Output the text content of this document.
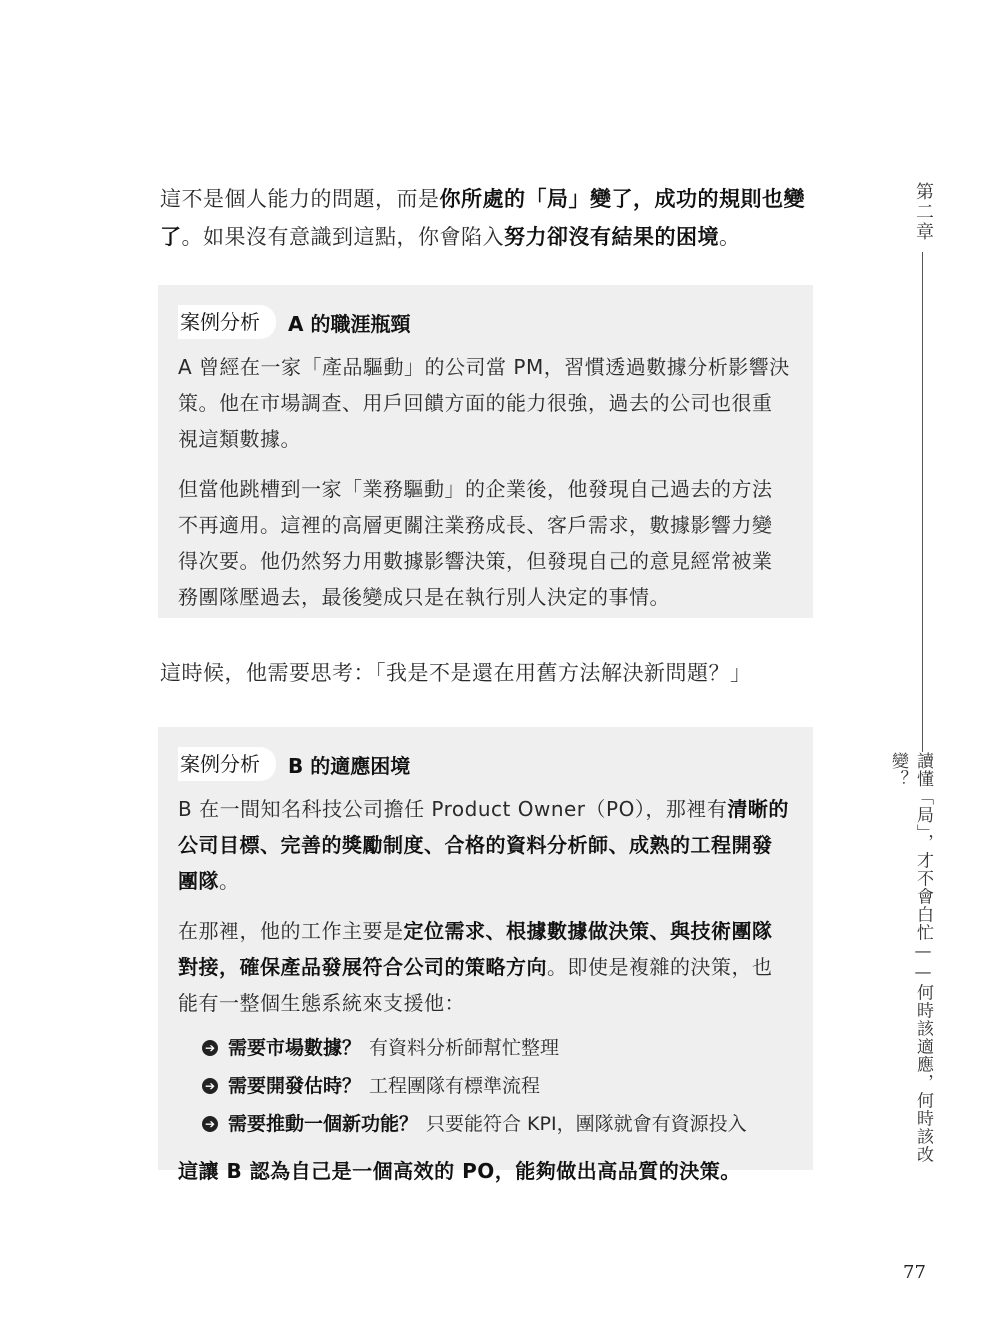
這不是個人能力的問題，而是你所處的「局」變了，成功的規則也變了。如果沒有意識到這點，你會陷入努力卻沒有結果的困境。

案例分析	A 的職涯瓶頸

A 曾經在一家「產品驅動」的公司當 PM，習慣透過數據分析影響決策。他在市場調查、用戶回饋方面的能力很強，過去的公司也很重視這類數據。

但當他跳槽到一家「業務驅動」的企業後，他發現自己過去的方法不再適用。這裡的高層更關注業務成長、客戶需求，數據影響力變得次要。他仍然努力用數據影響決策，但發現自己的意見經常被業務團隊壓過去，最後變成只是在執行別人決定的事情。

這時候，他需要思考：「我是不是還在用舊方法解決新問題？」

案例分析	B 的適應困境

B 在一間知名科技公司擔任 Product Owner（PO），那裡有清晰的公司目標、完善的獎勵制度、合格的資料分析師、成熟的工程開發團隊。

在那裡，他的工作主要是定位需求、根據數據做決策、與技術團隊對接，確保產品發展符合公司的策略方向。即使是複雜的決策，也能有一整個生態系統來支援他：

➔ 需要市場數據？ 有資料分析師幫忙整理
➔ 需要開發估時？ 工程團隊有標準流程
➔ 需要推動一個新功能？ 只要能符合 KPI，團隊就會有資源投入

這讓 B 認為自己是一個高效的 PO，能夠做出高品質的決策。

第二章
讀懂「局」，才不會白忙——何時該適應，何時該改變？
77
